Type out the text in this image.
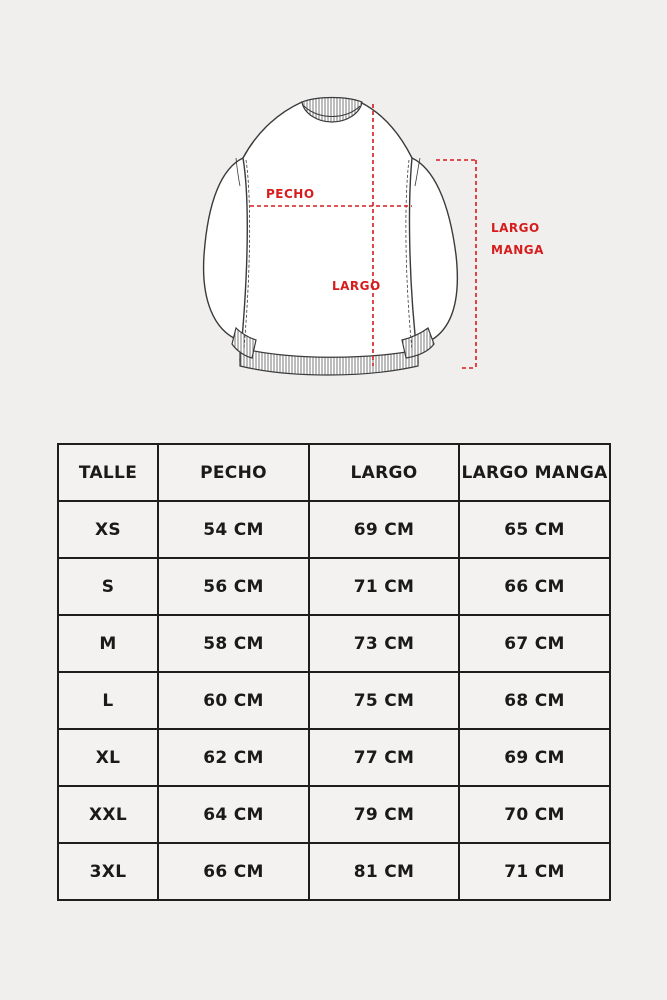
PECHO
LARGO
LARGO
MANGA
TALLE	PECHO	LARGO	LARGO MANGA
XS	54 CM	69 CM	65 CM
S	56 CM	71 CM	66 CM
M	58 CM	73 CM	67 CM
L	60 CM	75 CM	68 CM
XL	62 CM	77 CM	69 CM
XXL	64 CM	79 CM	70 CM
3XL	66 CM	81 CM	71 CM
